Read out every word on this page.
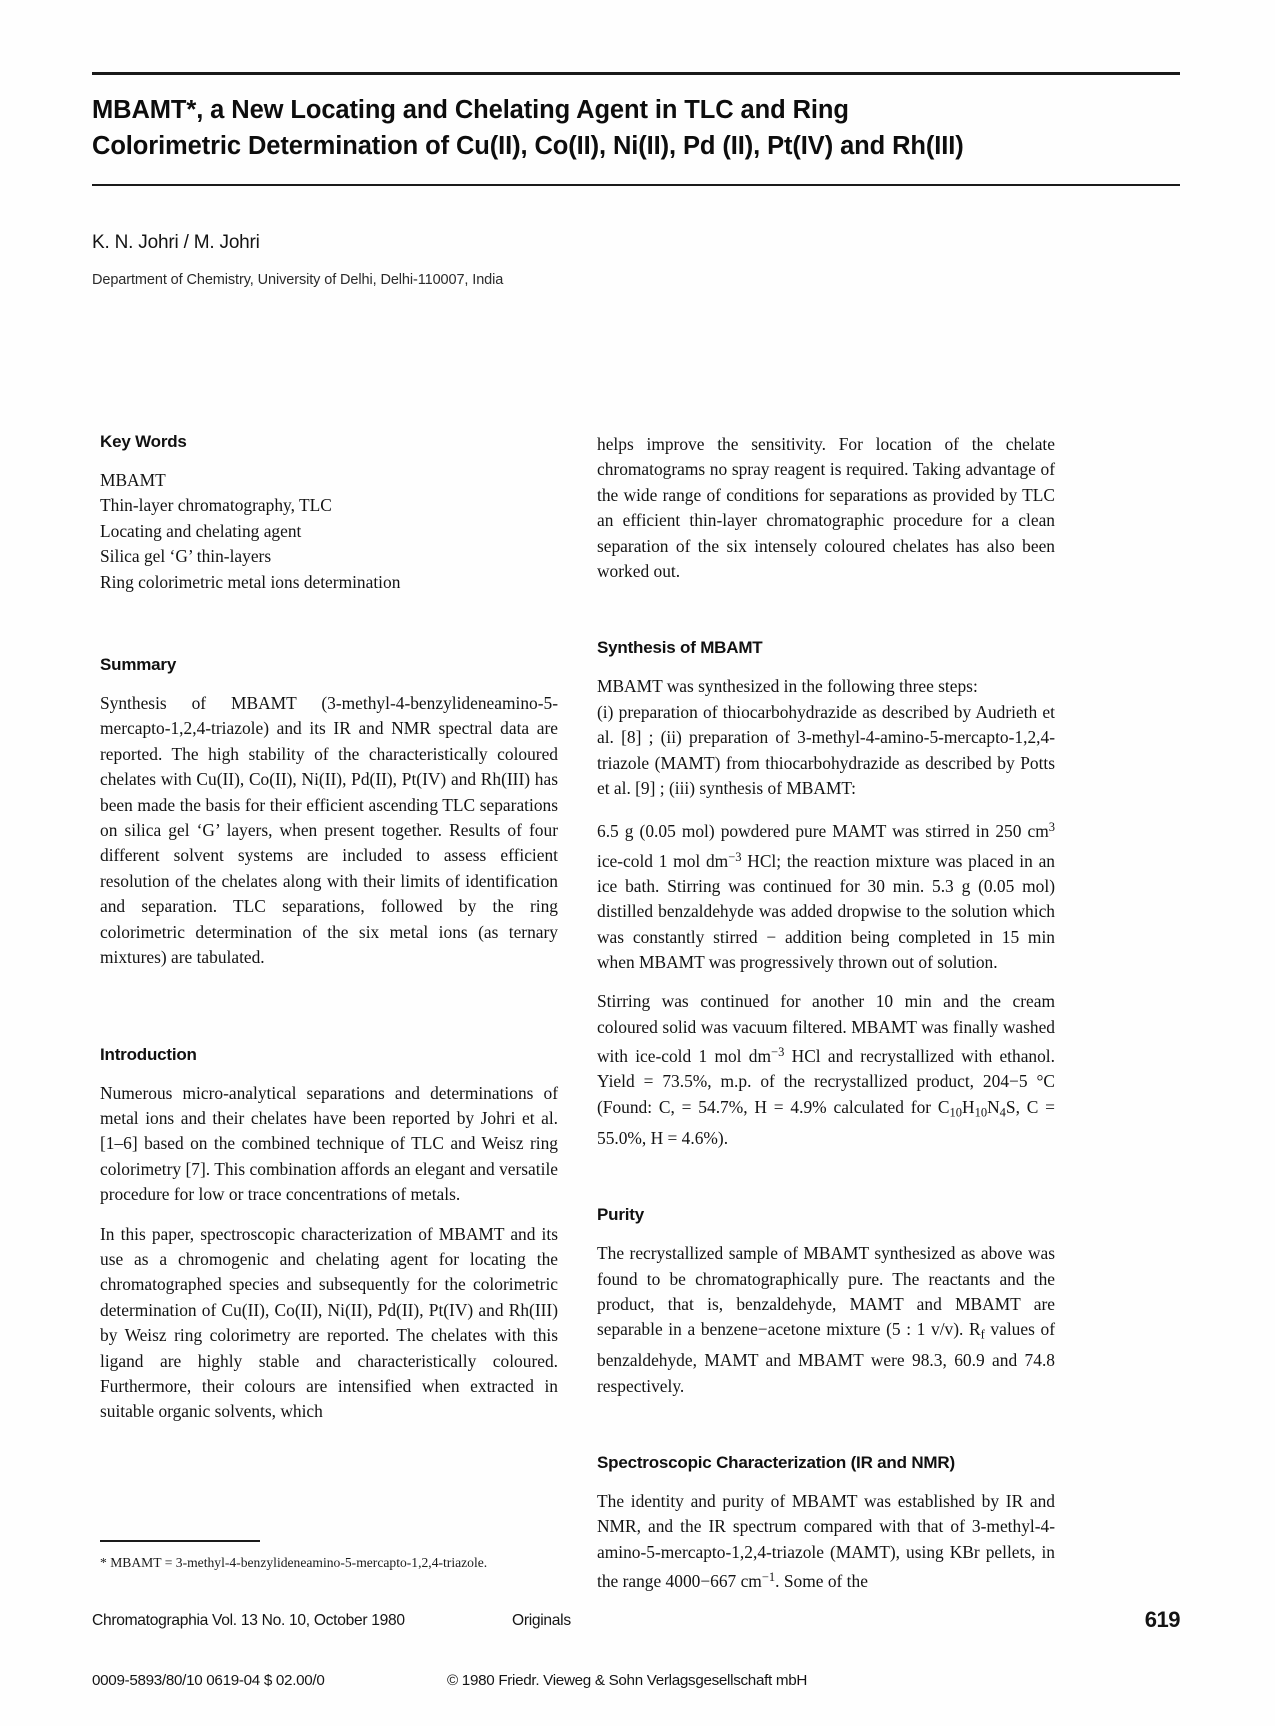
MBAMT*, a New Locating and Chelating Agent in TLC and Ring
Colorimetric Determination of Cu(II), Co(II), Ni(II), Pd (II), Pt(IV) and Rh(III)
K. N. Johri / M. Johri
Department of Chemistry, University of Delhi, Delhi-110007, India
Key Words
MBAMT
Thin-layer chromatography, TLC
Locating and chelating agent
Silica gel ‘G’ thin-layers
Ring colorimetric metal ions determination
Summary

Synthesis of MBAMT (3-methyl-4-benzylideneamino-5-mercapto-1,2,4-triazole) and its IR and NMR spectral data are reported. The high stability of the characteristically coloured chelates with Cu(II), Co(II), Ni(II), Pd(II), Pt(IV) and Rh(III) has been made the basis for their efficient ascending TLC separations on silica gel ‘G’ layers, when present together. Results of four different solvent systems are included to assess efficient resolution of the chelates along with their limits of identification and separation. TLC separations, followed by the ring colorimetric determination of the six metal ions (as ternary mixtures) are tabulated.

Introduction

Numerous micro-analytical separations and determinations of metal ions and their chelates have been reported by Johri et al. [1–6] based on the combined technique of TLC and Weisz ring colorimetry [7]. This combination affords an elegant and versatile procedure for low or trace concentrations of metals.

In this paper, spectroscopic characterization of MBAMT and its use as a chromogenic and chelating agent for locating the chromatographed species and subsequently for the colorimetric determination of Cu(II), Co(II), Ni(II), Pd(II), Pt(IV) and Rh(III) by Weisz ring colorimetry are reported. The chelates with this ligand are highly stable and characteristically coloured. Furthermore, their colours are intensified when extracted in suitable organic solvents, which

helps improve the sensitivity. For location of the chelate chromatograms no spray reagent is required. Taking advantage of the wide range of conditions for separations as provided by TLC an efficient thin-layer chromatographic procedure for a clean separation of the six intensely coloured chelates has also been worked out.

Synthesis of MBAMT

MBAMT was synthesized in the following three steps:

(i) preparation of thiocarbohydrazide as described by Audrieth et al. [8] ; (ii) preparation of 3-methyl-4-amino-5-mercapto-1,2,4-triazole (MAMT) from thiocarbohydrazide as described by Potts et al. [9] ; (iii) synthesis of MBAMT:

6.5 g (0.05 mol) powdered pure MAMT was stirred in 250 $cm^3$ ice-cold 1 mol $dm^{-3}$ HCl; the reaction mixture was placed in an ice bath. Stirring was continued for 30 min. 5.3 g (0.05 mol) distilled benzaldehyde was added dropwise to the solution which was constantly stirred − addition being completed in 15 min when MBAMT was progressively thrown out of solution.

Stirring was continued for another 10 min and the cream coloured solid was vacuum filtered. MBAMT was finally washed with ice-cold 1 mol $dm^{-3}$ HCl and recrystallized with ethanol. Yield = 73.5%, m.p. of the recrystallized product, 204−5 °C (Found: C, = 54.7%, H = 4.9% calculated for $C_{10}H_{10}N_4S$, C = 55.0%, H = 4.6%).

Purity

The recrystallized sample of MBAMT synthesized as above was found to be chromatographically pure. The reactants and the product, that is, benzaldehyde, MAMT and MBAMT are separable in a benzene−acetone mixture (5 : 1 v/v). $R_f$ values of benzaldehyde, MAMT and MBAMT were 98.3, 60.9 and 74.8 respectively.

Spectroscopic Characterization (IR and NMR)

The identity and purity of MBAMT was established by IR and NMR, and the IR spectrum compared with that of 3-methyl-4-amino-5-mercapto-1,2,4-triazole (MAMT), using KBr pellets, in the range 4000−667 $cm^{-1}$. Some of the

* MBAMT = 3-methyl-4-benzylideneamino-5-mercapto-1,2,4-triazole.
Chromatographia Vol. 13 No. 10, October 1980	Originals	619
0009-5893/80/10 0619-04 $ 02.00/0	© 1980 Friedr. Vieweg & Sohn Verlagsgesellschaft mbH
